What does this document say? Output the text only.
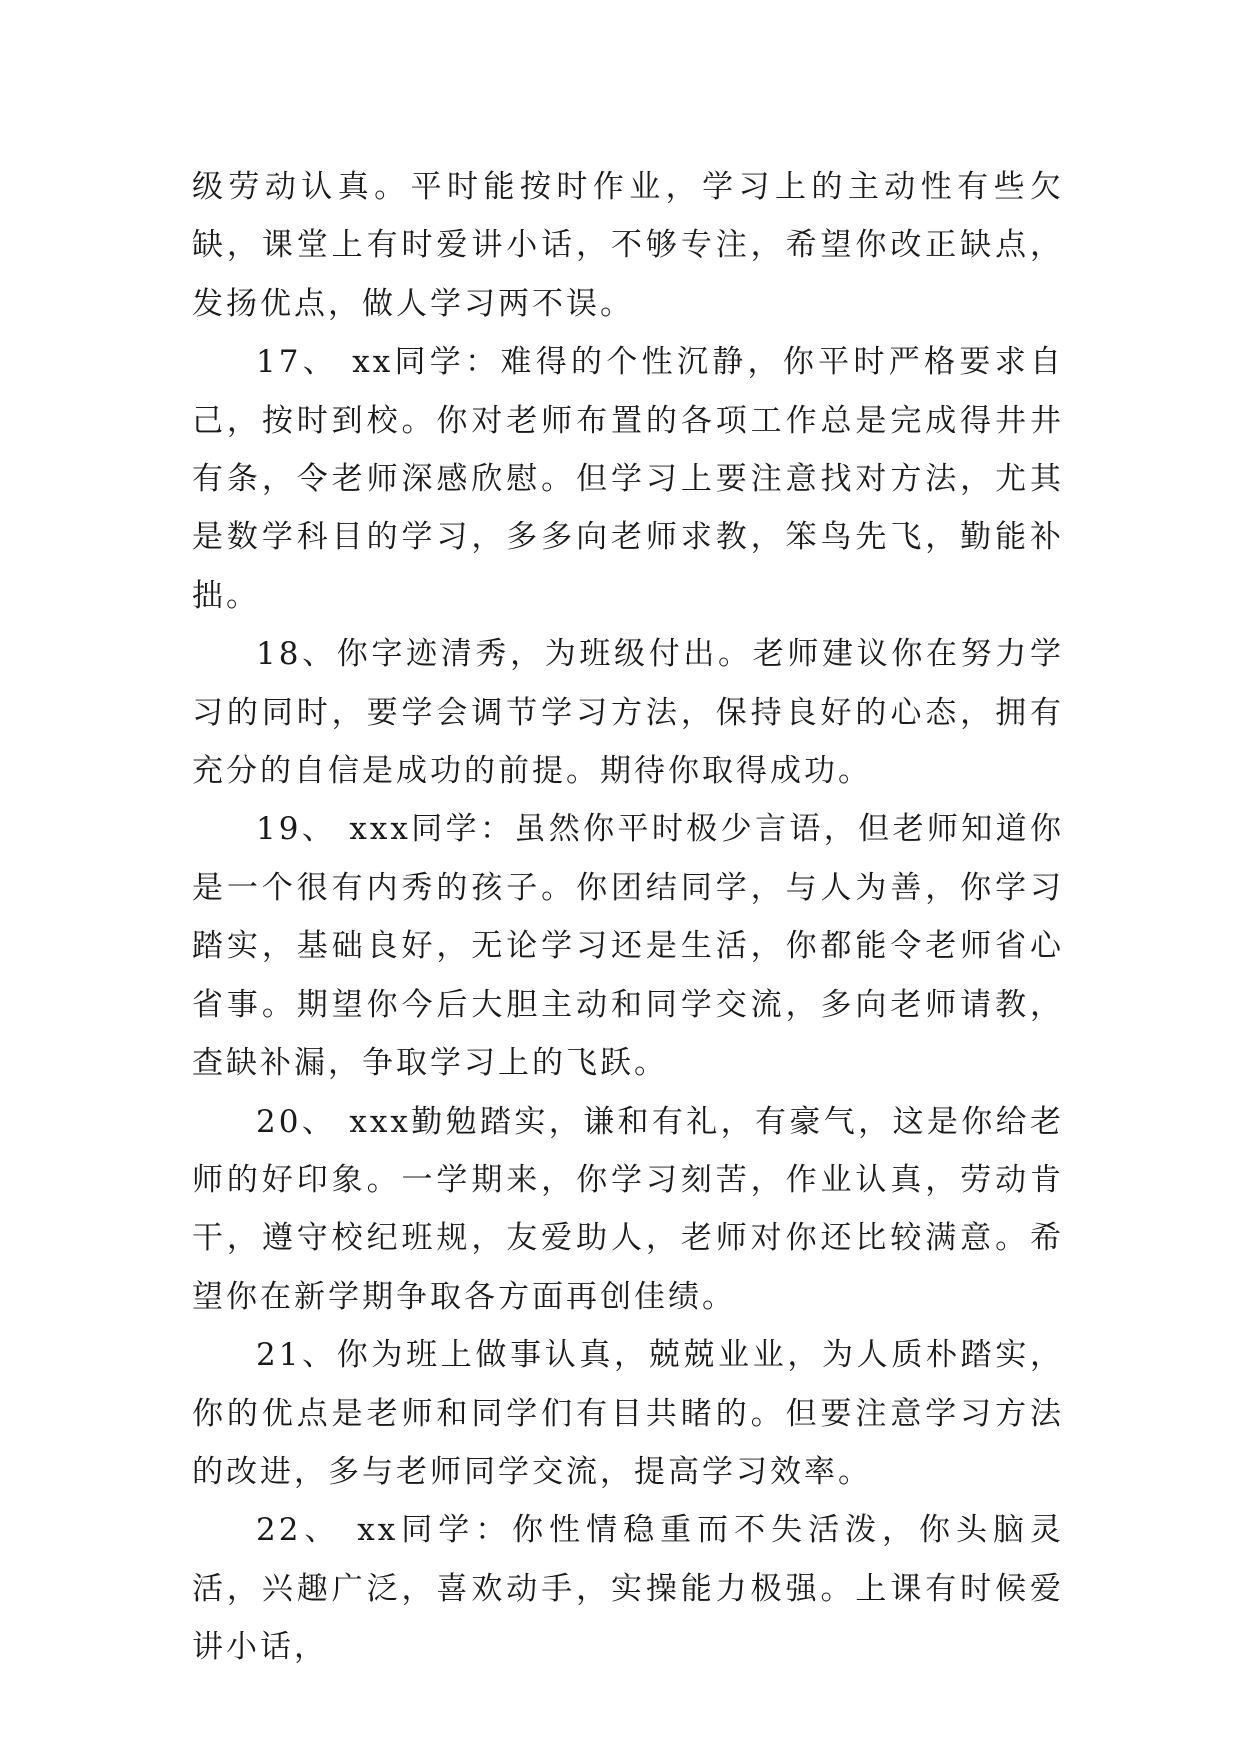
级劳动认真。平时能按时作业，学习上的主动性有些欠缺，课堂上有时爱讲小话，不够专注，希望你改正缺点，发扬优点，做人学习两不误。

17、 xx同学：难得的个性沉静，你平时严格要求自己，按时到校。你对老师布置的各项工作总是完成得井井有条，令老师深感欣慰。但学习上要注意找对方法，尤其是数学科目的学习，多多向老师求教，笨鸟先飞，勤能补拙。

18、你字迹清秀，为班级付出。老师建议你在努力学习的同时，要学会调节学习方法，保持良好的心态，拥有充分的自信是成功的前提。期待你取得成功。

19、 xxx同学：虽然你平时极少言语，但老师知道你是一个很有内秀的孩子。你团结同学，与人为善，你学习踏实，基础良好，无论学习还是生活，你都能令老师省心省事。期望你今后大胆主动和同学交流，多向老师请教，查缺补漏，争取学习上的飞跃。

20、 xxx勤勉踏实，谦和有礼，有豪气，这是你给老师的好印象。一学期来，你学习刻苦，作业认真，劳动肯干，遵守校纪班规，友爱助人，老师对你还比较满意。希望你在新学期争取各方面再创佳绩。

21、你为班上做事认真，兢兢业业，为人质朴踏实，你的优点是老师和同学们有目共睹的。但要注意学习方法的改进，多与老师同学交流，提高学习效率。

22、 xx同学：你性情稳重而不失活泼，你头脑灵活，兴趣广泛，喜欢动手，实操能力极强。上课有时候爱讲小话，
